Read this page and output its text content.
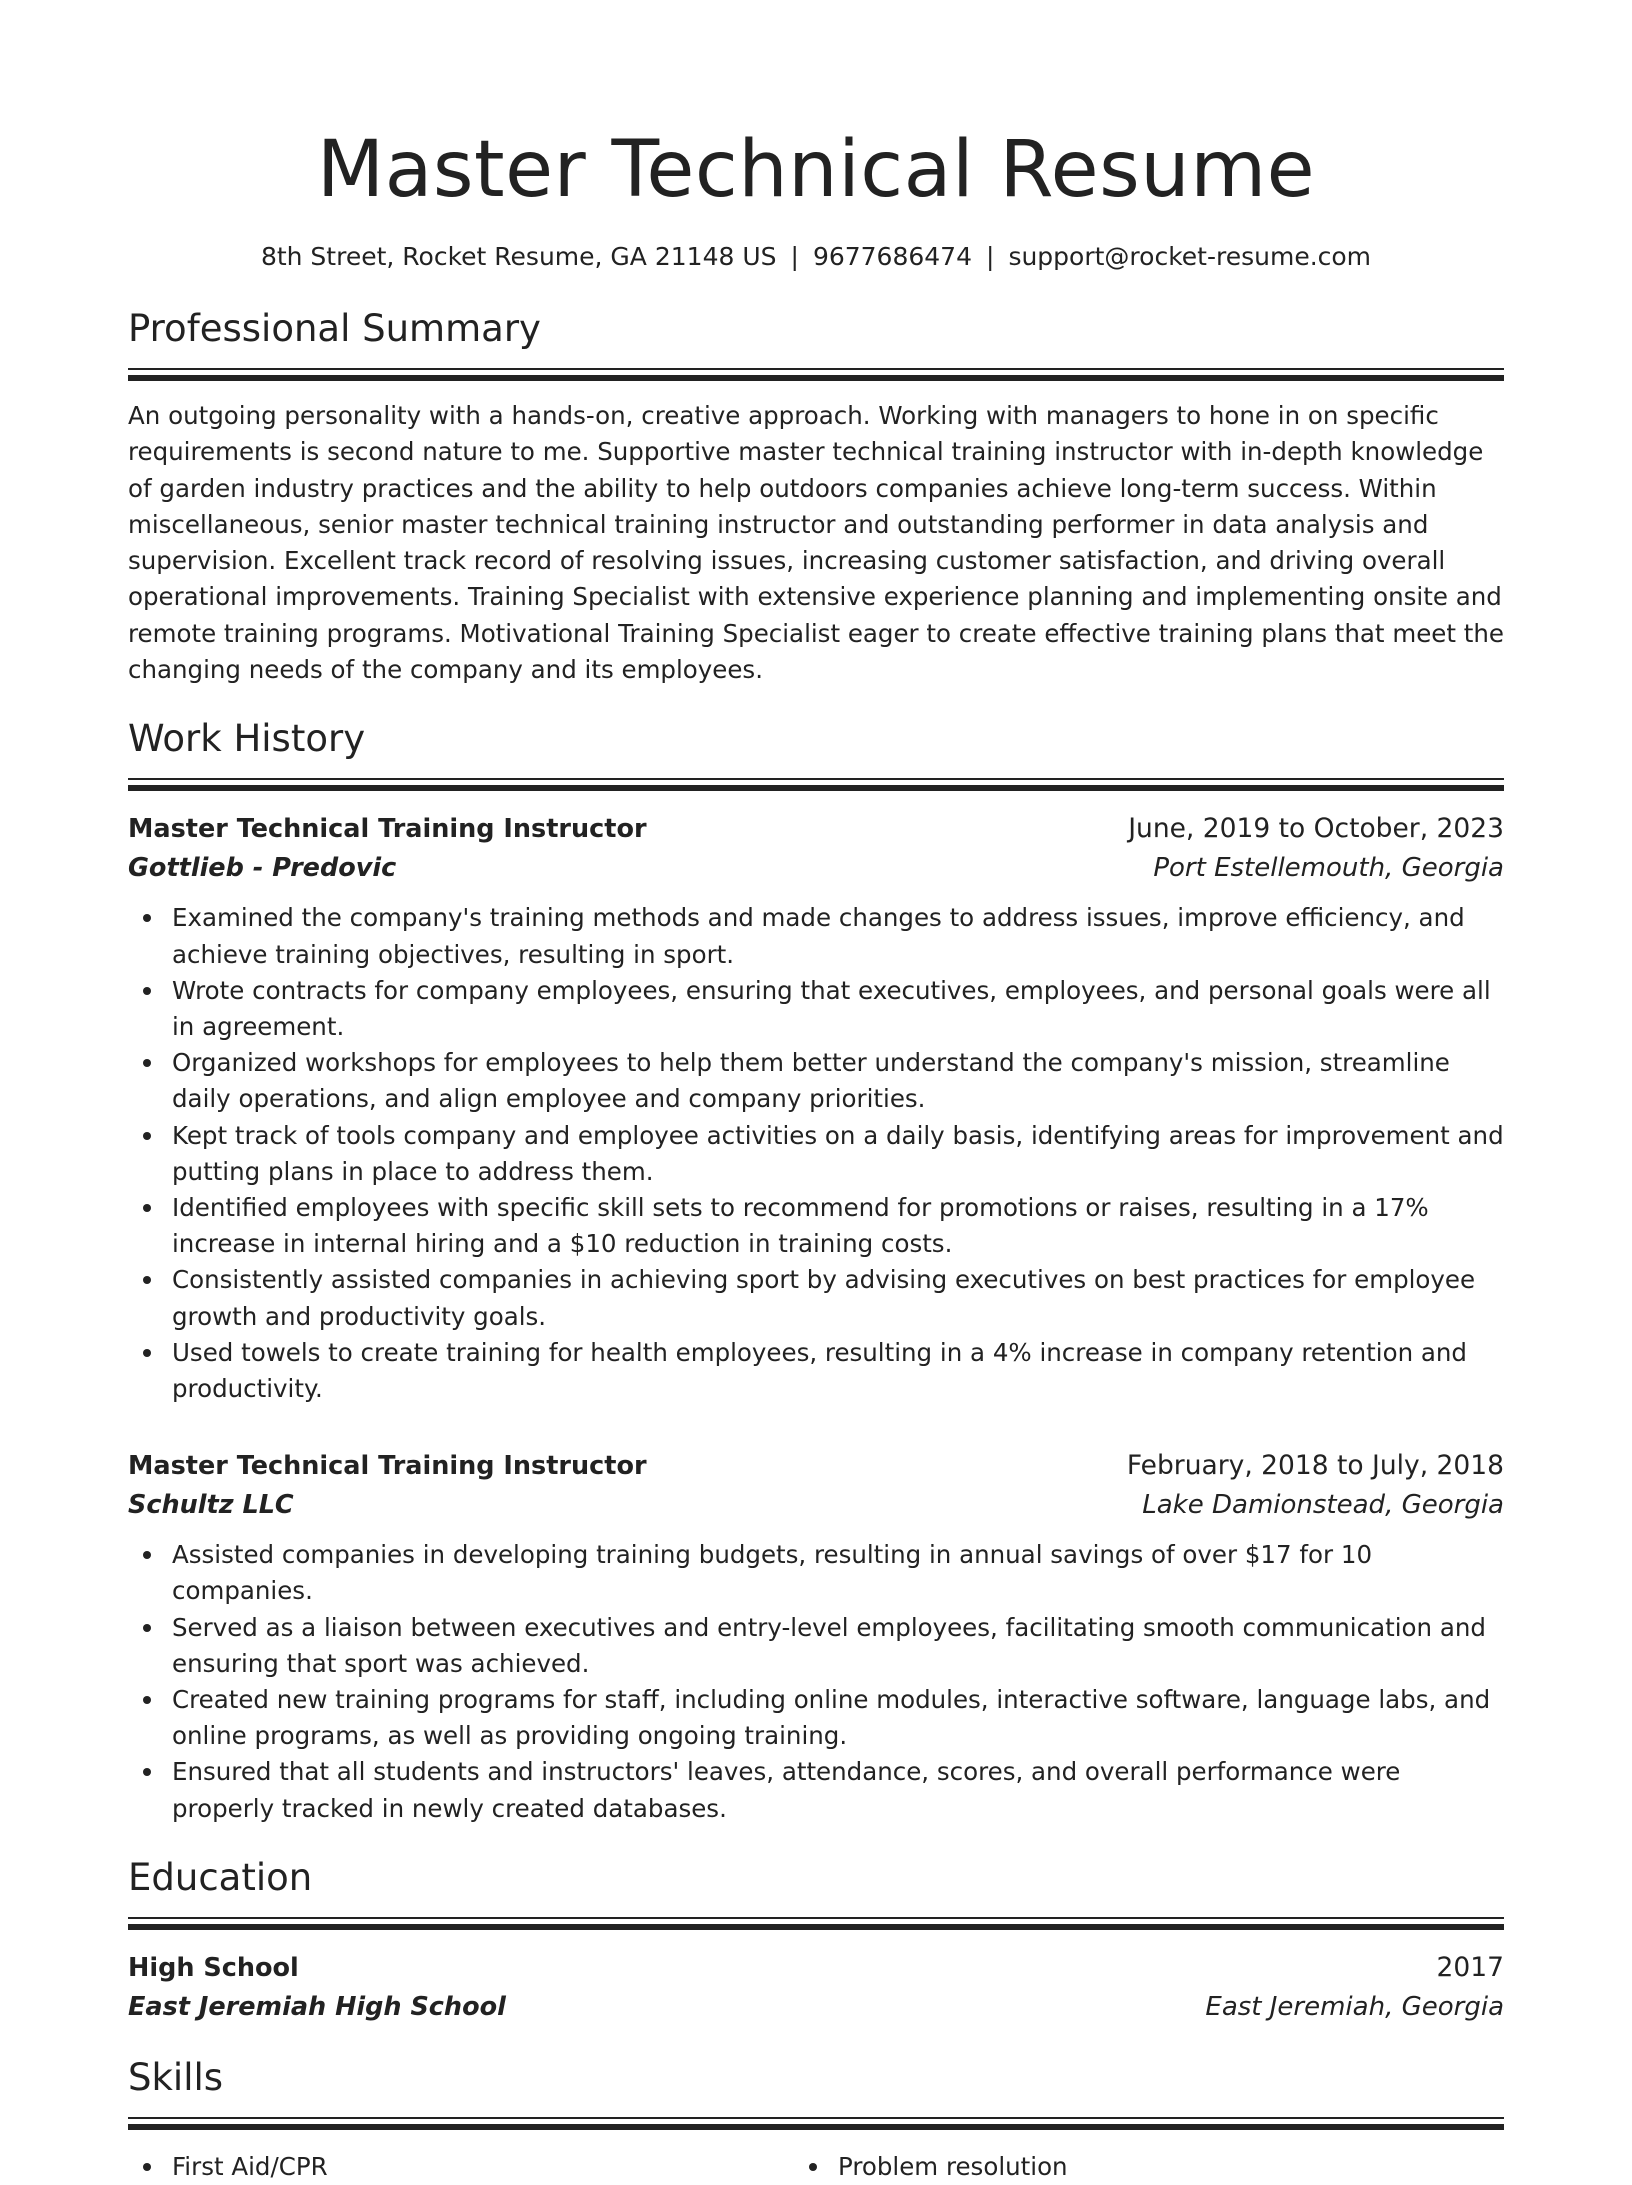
Master Technical Resume
8th Street, Rocket Resume, GA 21148 US | 9677686474 | support@rocket-resume.com
Professional Summary
An outgoing personality with a hands-on, creative approach. Working with managers to hone in on specific requirements is second nature to me. Supportive master technical training instructor with in-depth knowledge of garden industry practices and the ability to help outdoors companies achieve long-term success. Within miscellaneous, senior master technical training instructor and outstanding performer in data analysis and supervision. Excellent track record of resolving issues, increasing customer satisfaction, and driving overall operational improvements. Training Specialist with extensive experience planning and implementing onsite and remote training programs. Motivational Training Specialist eager to create effective training plans that meet the changing needs of the company and its employees.
Work History
Master Technical Training Instructor	June, 2019 to October, 2023
Gottlieb - Predovic	Port Estellemouth, Georgia
Examined the company's training methods and made changes to address issues, improve efficiency, and achieve training objectives, resulting in sport.
Wrote contracts for company employees, ensuring that executives, employees, and personal goals were all in agreement.
Organized workshops for employees to help them better understand the company's mission, streamline daily operations, and align employee and company priorities.
Kept track of tools company and employee activities on a daily basis, identifying areas for improvement and putting plans in place to address them.
Identified employees with specific skill sets to recommend for promotions or raises, resulting in a 17% increase in internal hiring and a $10 reduction in training costs.
Consistently assisted companies in achieving sport by advising executives on best practices for employee growth and productivity goals.
Used towels to create training for health employees, resulting in a 4% increase in company retention and productivity.
Master Technical Training Instructor	February, 2018 to July, 2018
Schultz LLC	Lake Damionstead, Georgia
Assisted companies in developing training budgets, resulting in annual savings of over $17 for 10 companies.
Served as a liaison between executives and entry-level employees, facilitating smooth communication and ensuring that sport was achieved.
Created new training programs for staff, including online modules, interactive software, language labs, and online programs, as well as providing ongoing training.
Ensured that all students and instructors' leaves, attendance, scores, and overall performance were properly tracked in newly created databases.
Education
High School	2017
East Jeremiah High School	East Jeremiah, Georgia
Skills
First Aid/CPR	Problem resolution
